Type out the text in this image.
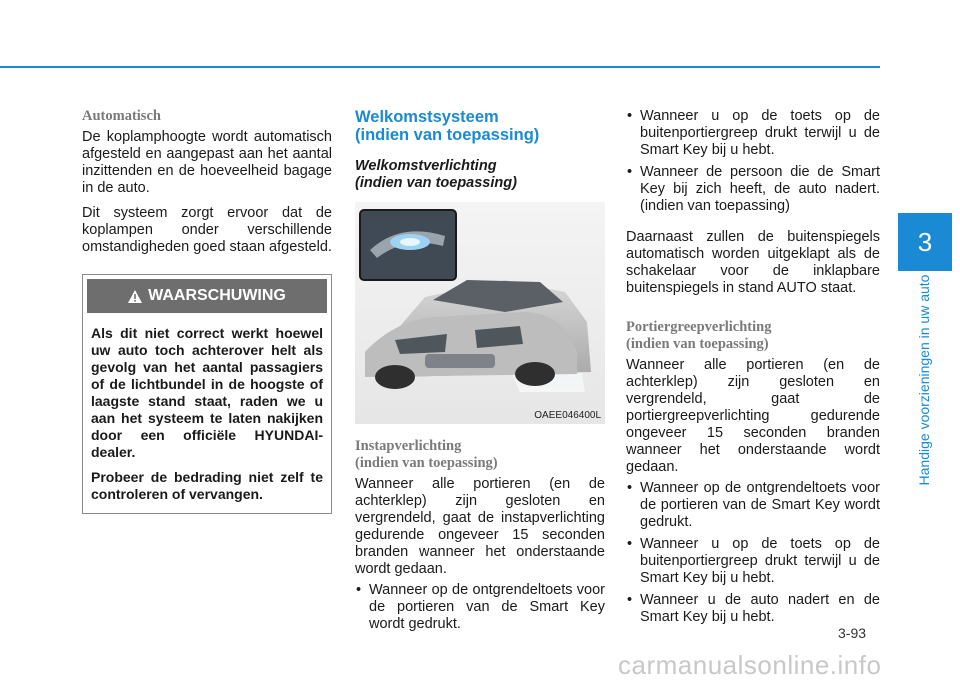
Automatisch

De koplamphoogte wordt automatisch afgesteld en aangepast aan het aantal inzittenden en de hoeveelheid bagage in de auto.

Dit systeem zorgt ervoor dat de koplampen onder verschillende omstandigheden goed staan afgesteld.

WAARSCHUWING

Als dit niet correct werkt hoewel uw auto toch achterover helt als gevolg van het aantal passagiers of de lichtbundel in de hoogste of laagste stand staat, raden we u aan het systeem te laten nakijken door een officiële HYUNDAI-dealer.

Probeer de bedrading niet zelf te controleren of vervangen.

Welkomstsysteem
(indien van toepassing)
Welkomstverlichting
(indien van toepassing)
OAEE046400L
Instapverlichting
(indien van toepassing)

Wanneer alle portieren (en de achterklep) zijn gesloten en vergrendeld, gaat de instapverlichting gedurende ongeveer 15 seconden branden wanneer het onderstaande wordt gedaan.

• Wanneer op de ontgrendeltoets voor de portieren van de Smart Key wordt gedrukt.
• Wanneer u op de toets op de buitenportiergreep drukt terwijl u de Smart Key bij u hebt.
• Wanneer de persoon die de Smart Key bij zich heeft, de auto nadert. (indien van toepassing)

Daarnaast zullen de buitenspiegels automatisch worden uitgeklapt als de schakelaar voor de inklapbare buitenspiegels in stand AUTO staat.

Portiergreepverlichting
(indien van toepassing)

Wanneer alle portieren (en de achterklep) zijn gesloten en vergrendeld, gaat de portiergreepverlichting gedurende ongeveer 15 seconden branden wanneer het onderstaande wordt gedaan.

• Wanneer op de ontgrendeltoets voor de portieren van de Smart Key wordt gedrukt.
• Wanneer u op de toets op de buitenportiergreep drukt terwijl u de Smart Key bij u hebt.
• Wanneer u de auto nadert en de Smart Key bij u hebt.
3
Handige voorzieningen in uw auto
3-93
carmanualsonline.info
